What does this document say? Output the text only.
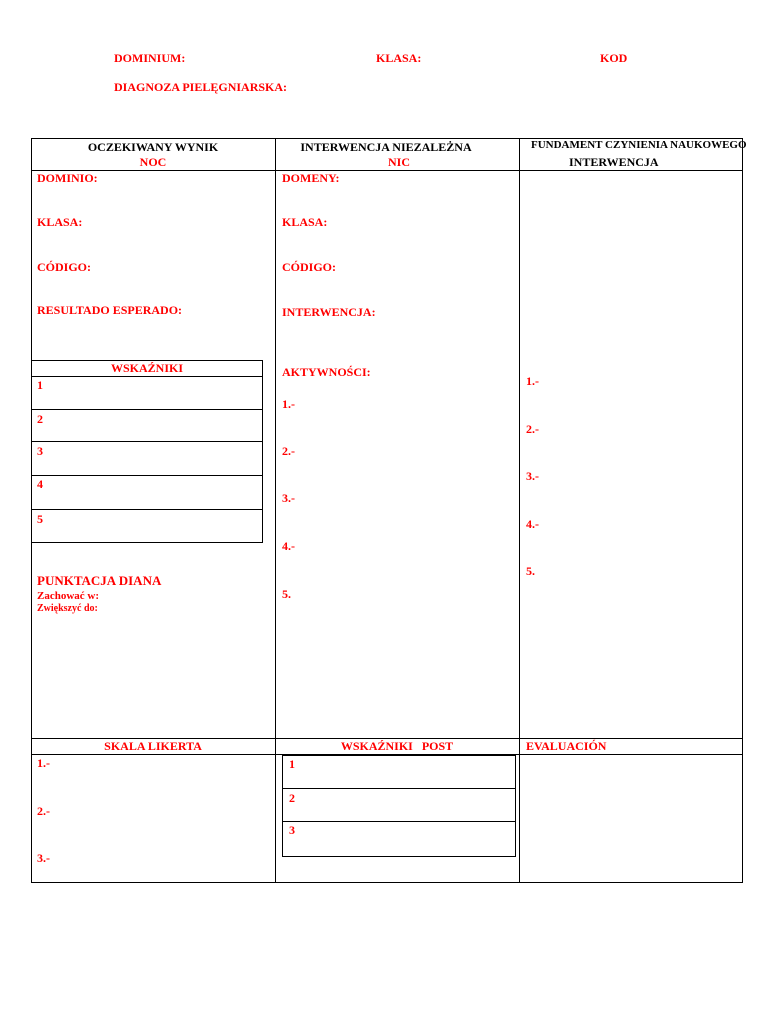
DOMINIUM:	KLASA:	KOD
DIAGNOZA PIELĘGNIARSKA:
OCZEKIWANY WYNIK
NOC
INTERWENCJA NIEZALEŻNA
NIC
FUNDAMENT CZYNIENIA NAUKOWEGO
INTERWENCJA
DOMINIO:
KLASA:
CÓDIGO:
RESULTADO ESPERADO:
WSKAŹNIKI
1
2
3
4
5
PUNKTACJA DIANA
Zachować w:
Zwiększyć do:
DOMENY:
KLASA:
CÓDIGO:
INTERWENCJA:
AKTYWNOŚCI:
1.-
2.-
3.-
4.-
5.
1.-
2.-
3.-
4.-
5.
SKALA LIKERTA
1.-
2.-
3.-
WSKAŹNIKI   POST
1
2
3
EVALUACIÓN
